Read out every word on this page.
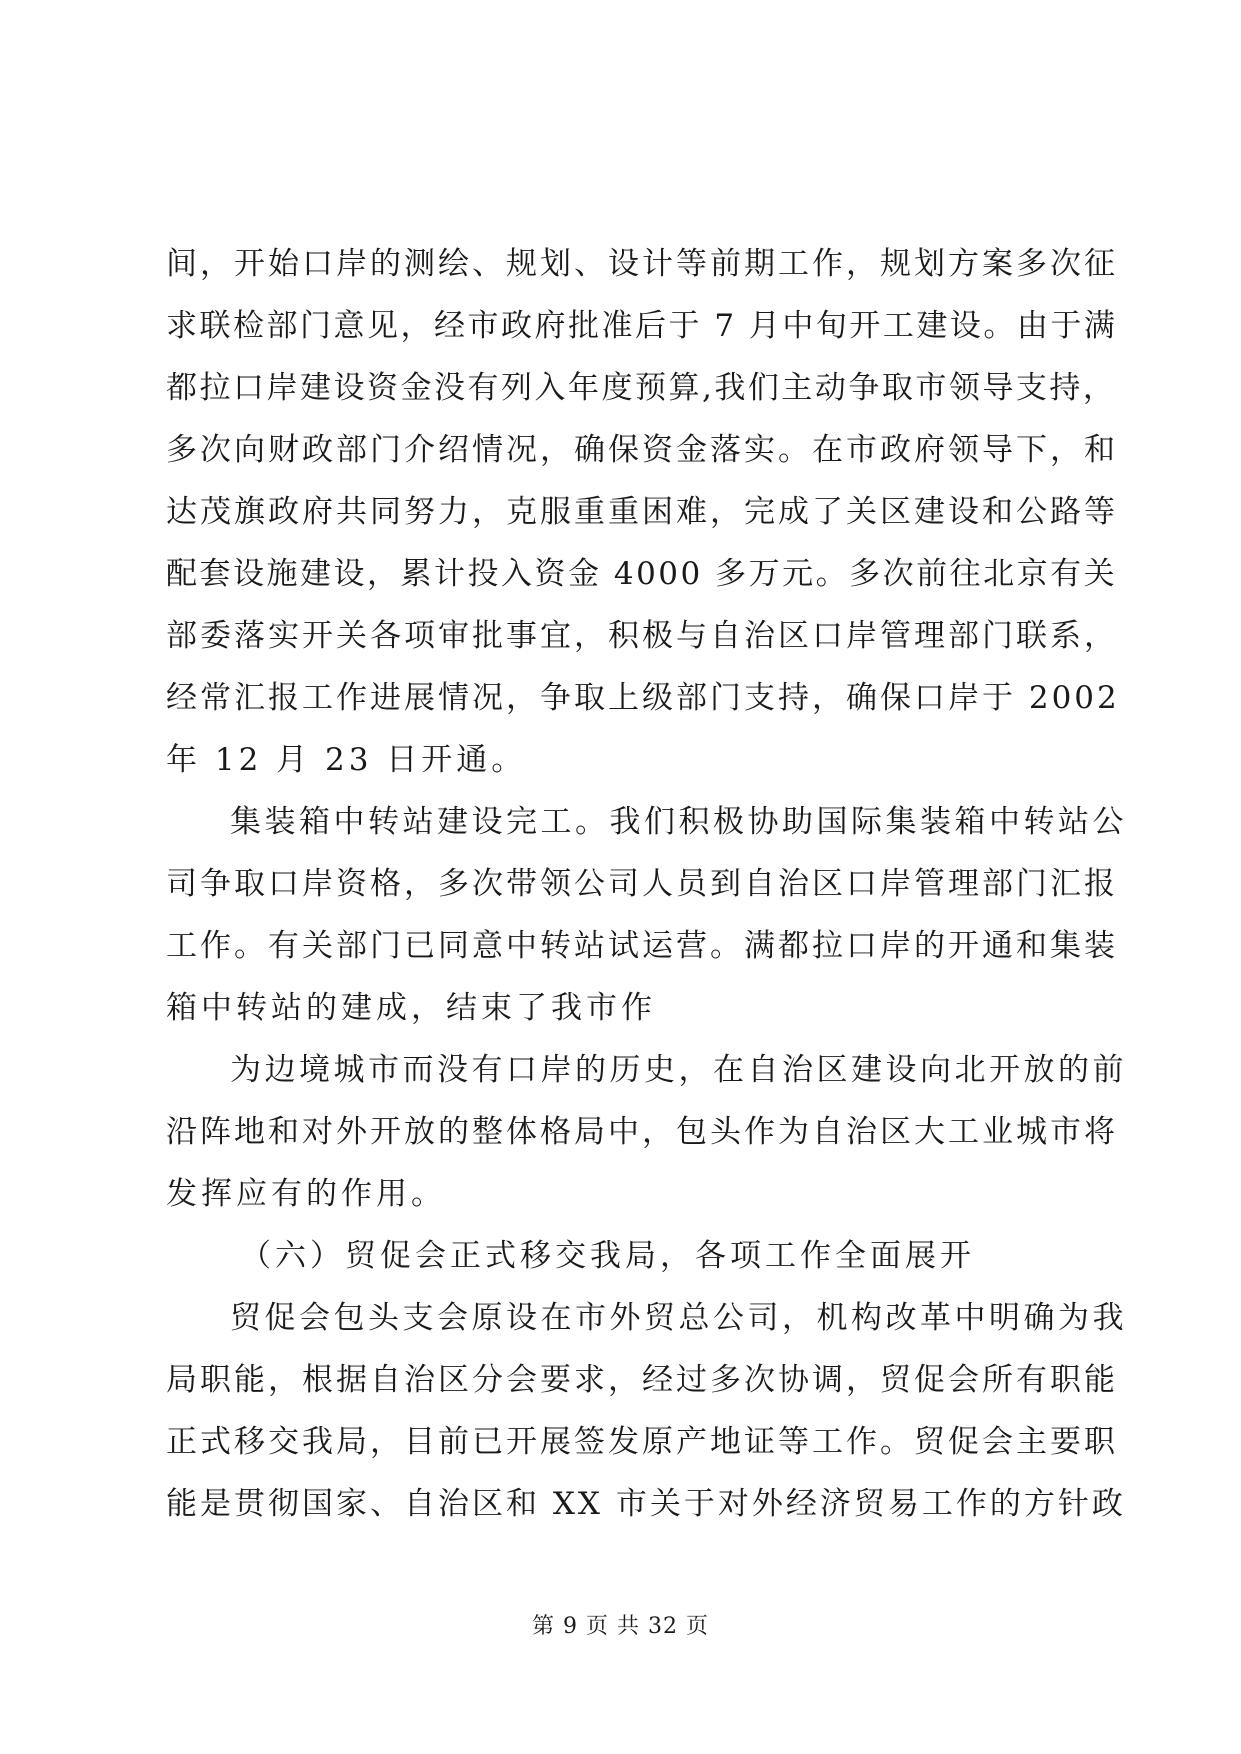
间，开始口岸的测绘、规划、设计等前期工作，规划方案多次征
求联检部门意见，经市政府批准后于 7 月中旬开工建设。由于满
都拉口岸建设资金没有列入年度预算,我们主动争取市领导支持，
多次向财政部门介绍情况，确保资金落实。在市政府领导下，和
达茂旗政府共同努力，克服重重困难，完成了关区建设和公路等
配套设施建设，累计投入资金 4000 多万元。多次前往北京有关
部委落实开关各项审批事宜，积极与自治区口岸管理部门联系，
经常汇报工作进展情况，争取上级部门支持，确保口岸于 2002
年 12 月 23 日开通。
集装箱中转站建设完工。我们积极协助国际集装箱中转站公
司争取口岸资格，多次带领公司人员到自治区口岸管理部门汇报
工作。有关部门已同意中转站试运营。满都拉口岸的开通和集装
箱中转站的建成，结束了我市作
为边境城市而没有口岸的历史，在自治区建设向北开放的前
沿阵地和对外开放的整体格局中，包头作为自治区大工业城市将
发挥应有的作用。
（六）贸促会正式移交我局，各项工作全面展开
贸促会包头支会原设在市外贸总公司，机构改革中明确为我
局职能，根据自治区分会要求，经过多次协调，贸促会所有职能
正式移交我局，目前已开展签发原产地证等工作。贸促会主要职
能是贯彻国家、自治区和 XX 市关于对外经济贸易工作的方针政
第 9 页 共 32 页
